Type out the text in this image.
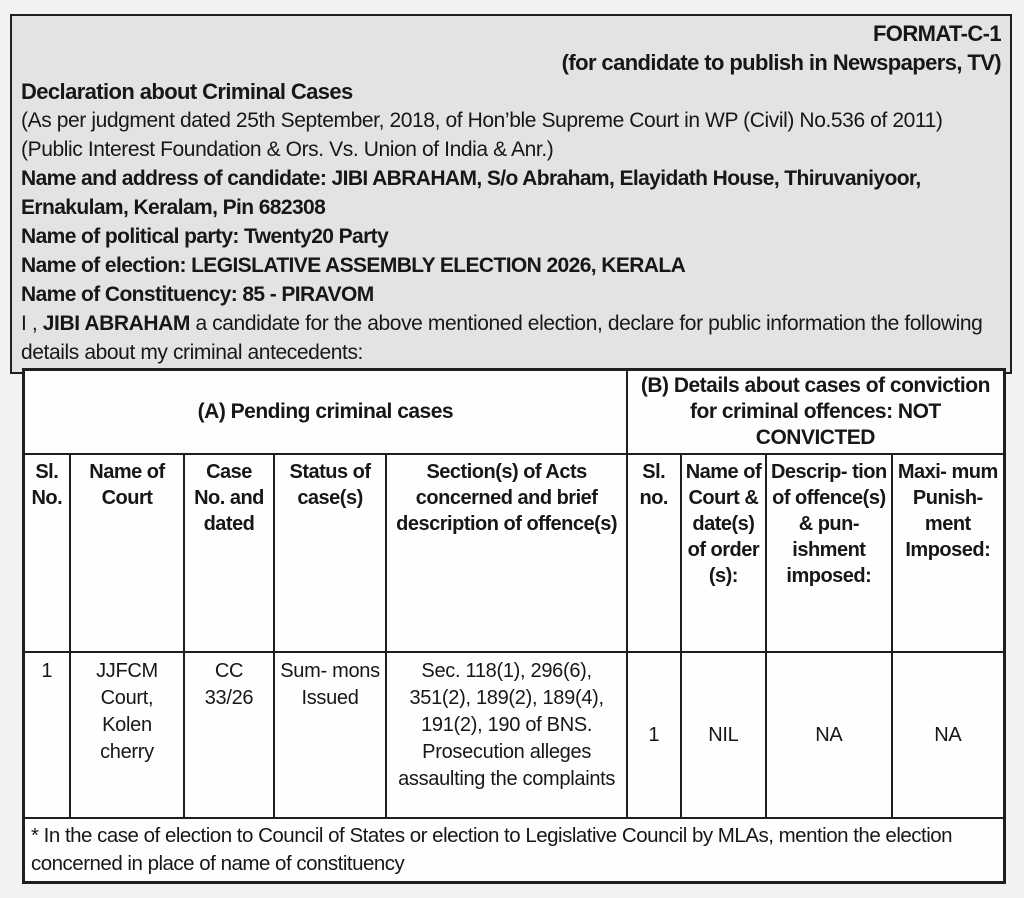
FORMAT-C-1

(for candidate to publish in Newspapers, TV)

Declaration about Criminal Cases

(As per judgment dated 25th September, 2018, of Hon’ble Supreme Court in WP (Civil) No.536 of 2011) (Public Interest Foundation & Ors. Vs. Union of India & Anr.)

Name and address of candidate: JIBI ABRAHAM, S/o Abraham, Elayidath House, Thiruvaniyoor, Ernakulam, Keralam, Pin 682308

Name of political party: Twenty20 Party

Name of election: LEGISLATIVE ASSEMBLY ELECTION 2026, KERALA

Name of Constituency: 85 - PIRAVOM

I , JIBI ABRAHAM a candidate for the above mentioned election, declare for public information the following details about my criminal antecedents:

(A) Pending criminal cases					(B) Details about cases of conviction for criminal offences: NOT CONVICTED			
Sl. No.	Name of Court	Case No. and dated	Status of case(s)	Section(s) of Acts concerned and brief description of offence(s)	Sl. no.	Name of Court & date(s) of order (s):	Descrip- tion of offence(s) & pun- ishment imposed:	Maxi- mum Punish- ment Imposed:
1	JJFCM Court, Kolen cherry	CC 33/26	Sum- mons Issued	Sec. 118(1), 296(6), 351(2), 189(2), 189(4), 191(2), 190 of BNS. Prosecution alleges assaulting the complaints	1	NIL	NA	NA
* In the case of election to Council of States or election to Legislative Council by MLAs, mention the election concerned in place of name of constituency								
